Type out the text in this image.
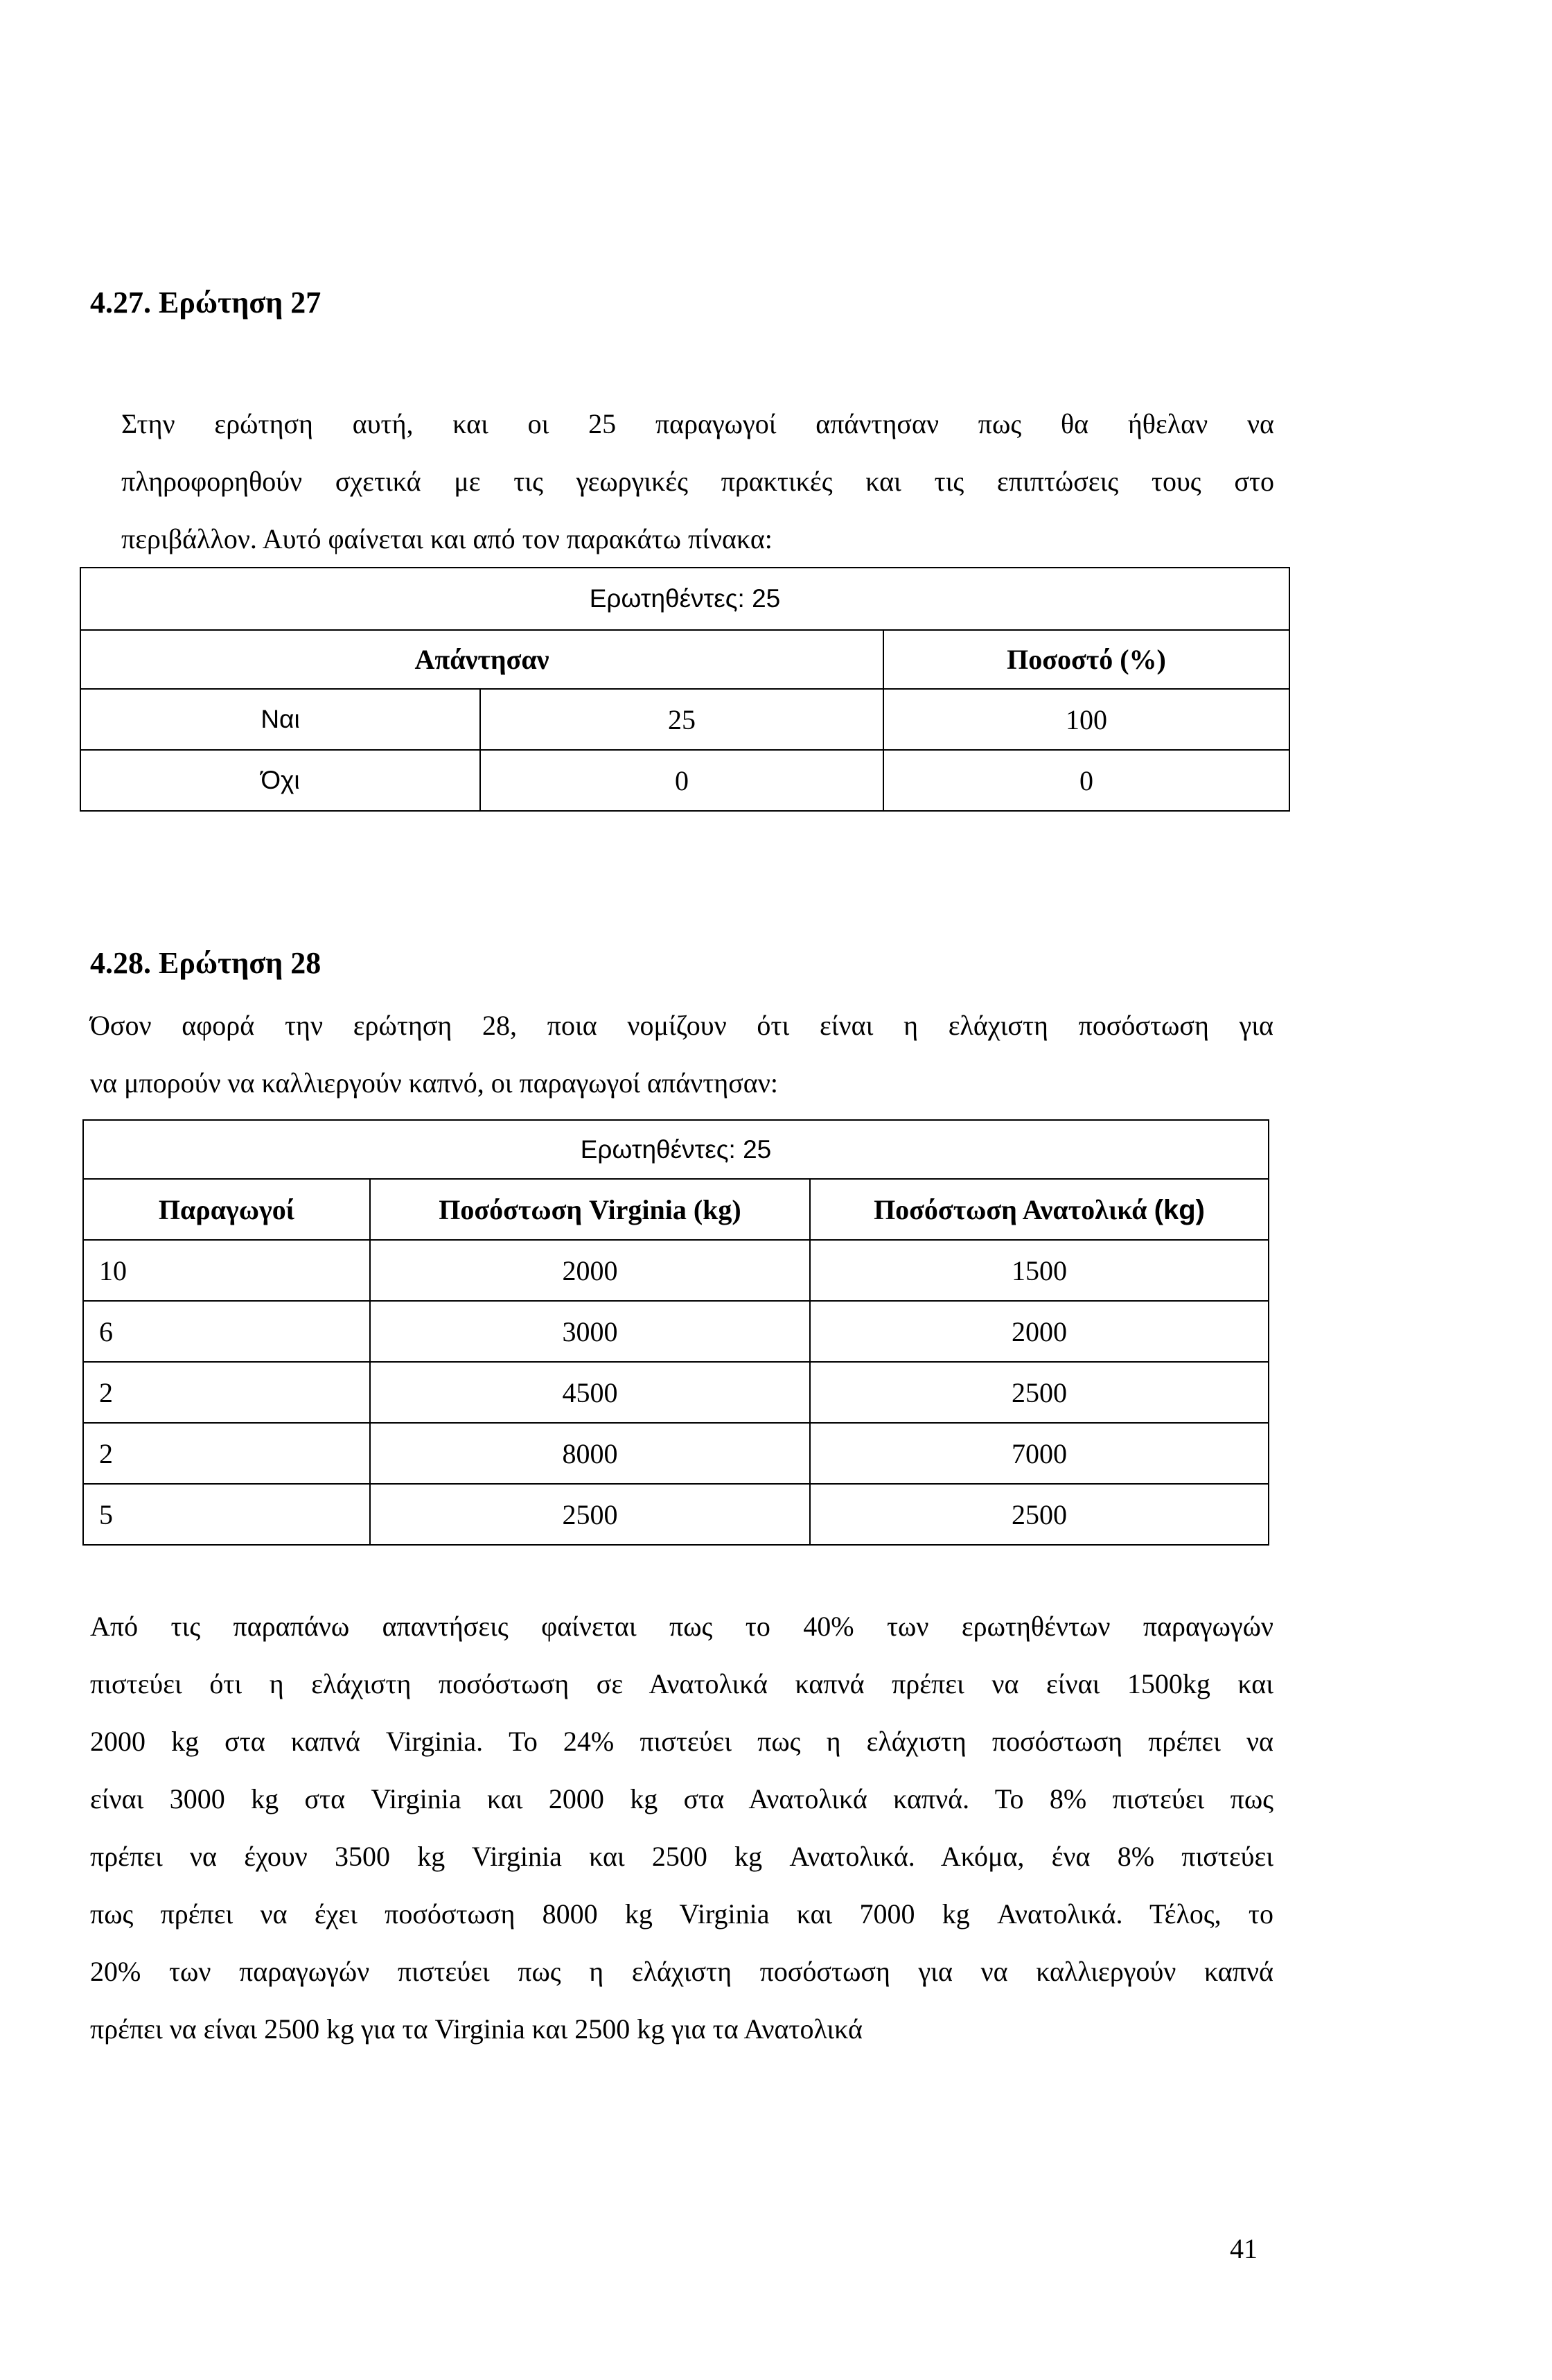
4.27. Ερώτηση 27
Στην ερώτηση αυτή, και οι 25 παραγωγοί απάντησαν πως θα ήθελαν να
πληροφορηθούν σχετικά με τις γεωργικές πρακτικές και τις επιπτώσεις τους στο
περιβάλλον. Αυτό φαίνεται και από τον παρακάτω πίνακα:
Ερωτηθέντες: 25		
Απάντησαν		Ποσοστό (%)
Ναι	25	100
Όχι	0	0
4.28. Ερώτηση 28
Όσον αφορά την ερώτηση 28, ποια νομίζουν ότι είναι η ελάχιστη ποσόστωση για
να μπορούν να καλλιεργούν καπνό, οι παραγωγοί απάντησαν:
Ερωτηθέντες: 25		
Παραγωγοί	Ποσόστωση Virginia (kg)	Ποσόστωση Ανατολικά (kg)
10	2000	1500
6	3000	2000
2	4500	2500
2	8000	7000
5	2500	2500
Από τις παραπάνω απαντήσεις φαίνεται πως το 40% των ερωτηθέντων παραγωγών
πιστεύει ότι η ελάχιστη ποσόστωση σε Ανατολικά καπνά πρέπει να είναι 1500kg και
2000 kg στα καπνά Virginia. Το 24% πιστεύει πως η ελάχιστη ποσόστωση πρέπει να
είναι 3000 kg στα Virginia και 2000 kg στα Ανατολικά καπνά. Το 8% πιστεύει πως
πρέπει να έχουν 3500 kg Virginia και 2500 kg Ανατολικά. Ακόμα, ένα 8% πιστεύει
πως πρέπει να έχει ποσόστωση 8000 kg Virginia και 7000 kg Ανατολικά. Τέλος, το
20% των παραγωγών πιστεύει πως η ελάχιστη ποσόστωση για να καλλιεργούν καπνά
πρέπει να είναι 2500 kg για τα Virginia και 2500 kg για τα Ανατολικά
41
